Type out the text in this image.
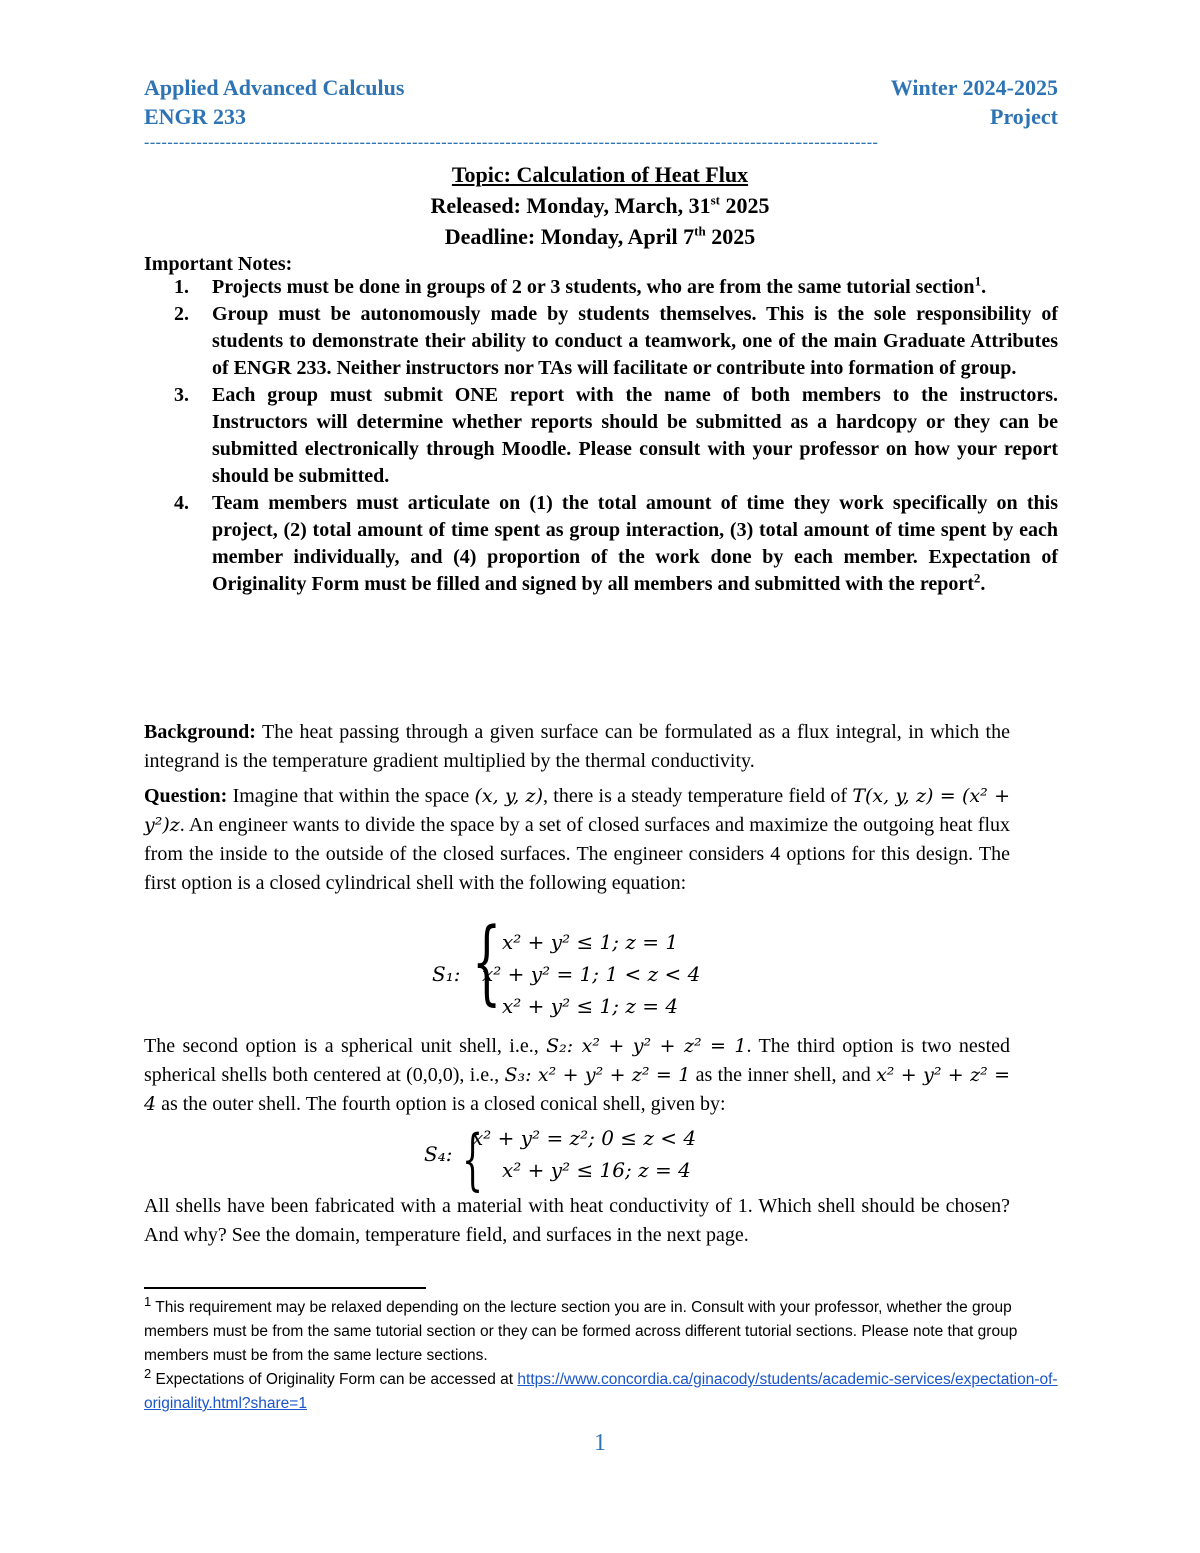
Applied Advanced Calculus
ENGR 233
Winter 2024-2025
Project
------------------------------------------------------------------------------------------------------------------------------
Topic: Calculation of Heat Flux
Released: Monday, March, 31st 2025
Deadline: Monday, April 7th 2025
Important Notes:
1. Projects must be done in groups of 2 or 3 students, who are from the same tutorial section$^1$.
2. Group must be autonomously made by students themselves. This is the sole responsibility of students to demonstrate their ability to conduct a teamwork, one of the main Graduate Attributes of ENGR 233. Neither instructors nor TAs will facilitate or contribute into formation of group.
3. Each group must submit ONE report with the name of both members to the instructors. Instructors will determine whether reports should be submitted as a hardcopy or they can be submitted electronically through Moodle. Please consult with your professor on how your report should be submitted.
4. Team members must articulate on (1) the total amount of time they work specifically on this project, (2) total amount of time spent as group interaction, (3) total amount of time spent by each member individually, and (4) proportion of the work done by each member. Expectation of Originality Form must be filled and signed by all members and submitted with the report$^2$.
Background: The heat passing through a given surface can be formulated as a flux integral, in which the integrand is the temperature gradient multiplied by the thermal conductivity.
Question: Imagine that within the space (x, y, z), there is a steady temperature field of T(x, y, z) = (x² + y²)z. An engineer wants to divide the space by a set of closed surfaces and maximize the outgoing heat flux from the inside to the outside of the closed surfaces. The engineer considers 4 options for this design. The first option is a closed cylindrical shell with the following equation:
S₁: { x² + y² ≤ 1; z = 1
x² + y² = 1; 1 < z < 4
x² + y² ≤ 1; z = 4
The second option is a spherical unit shell, i.e., S₂: x² + y² + z² = 1. The third option is two nested spherical shells both centered at (0,0,0), i.e., S₃: x² + y² + z² = 1 as the inner shell, and x² + y² + z² = 4 as the outer shell. The fourth option is a closed conical shell, given by:
S₄: {
x² + y² = z²; 0 ≤ z < 4
x² + y² ≤ 16; z = 4
All shells have been fabricated with a material with heat conductivity of 1. Which shell should be chosen? And why? See the domain, temperature field, and surfaces in the next page.
$^1$ This requirement may be relaxed depending on the lecture section you are in. Consult with your professor, whether the group members must be from the same tutorial section or they can be formed across different tutorial sections. Please note that group members must be from the same lecture sections.
$^2$ Expectations of Originality Form can be accessed at https://www.concordia.ca/ginacody/students/academic-services/expectation-of-originality.html?share=1
1
